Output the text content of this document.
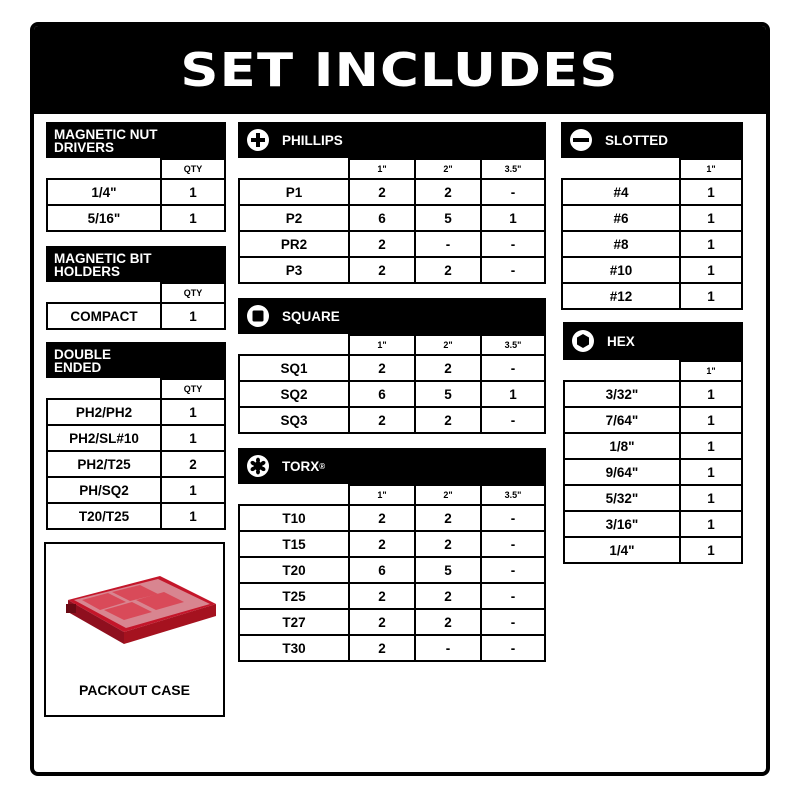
SET INCLUDES
MAGNETIC NUT
DRIVERS
	QTY
1/4"	1
5/16"	1
MAGNETIC BIT
HOLDERS
	QTY
COMPACT	1
DOUBLE
ENDED
	QTY
PH2/PH2	1
PH2/SL#10	1
PH2/T25	2
PH/SQ2	1
T20/T25	1
PACKOUT CASE
PHILLIPS
	1"	2"	3.5"
P1	2	2	-
P2	6	5	1
PR2	2	-	-
P3	2	2	-
SQUARE
	1"	2"	3.5"
SQ1	2	2	-
SQ2	6	5	1
SQ3	2	2	-
TORX ®
	1"	2"	3.5"
T10	2	2	-
T15	2	2	-
T20	6	5	-
T25	2	2	-
T27	2	2	-
T30	2	-	-
SLOTTED
	1"
#4	1
#6	1
#8	1
#10	1
#12	1
HEX
	1"
3/32"	1
7/64"	1
1/8"	1
9/64"	1
5/32"	1
3/16"	1
1/4"	1
